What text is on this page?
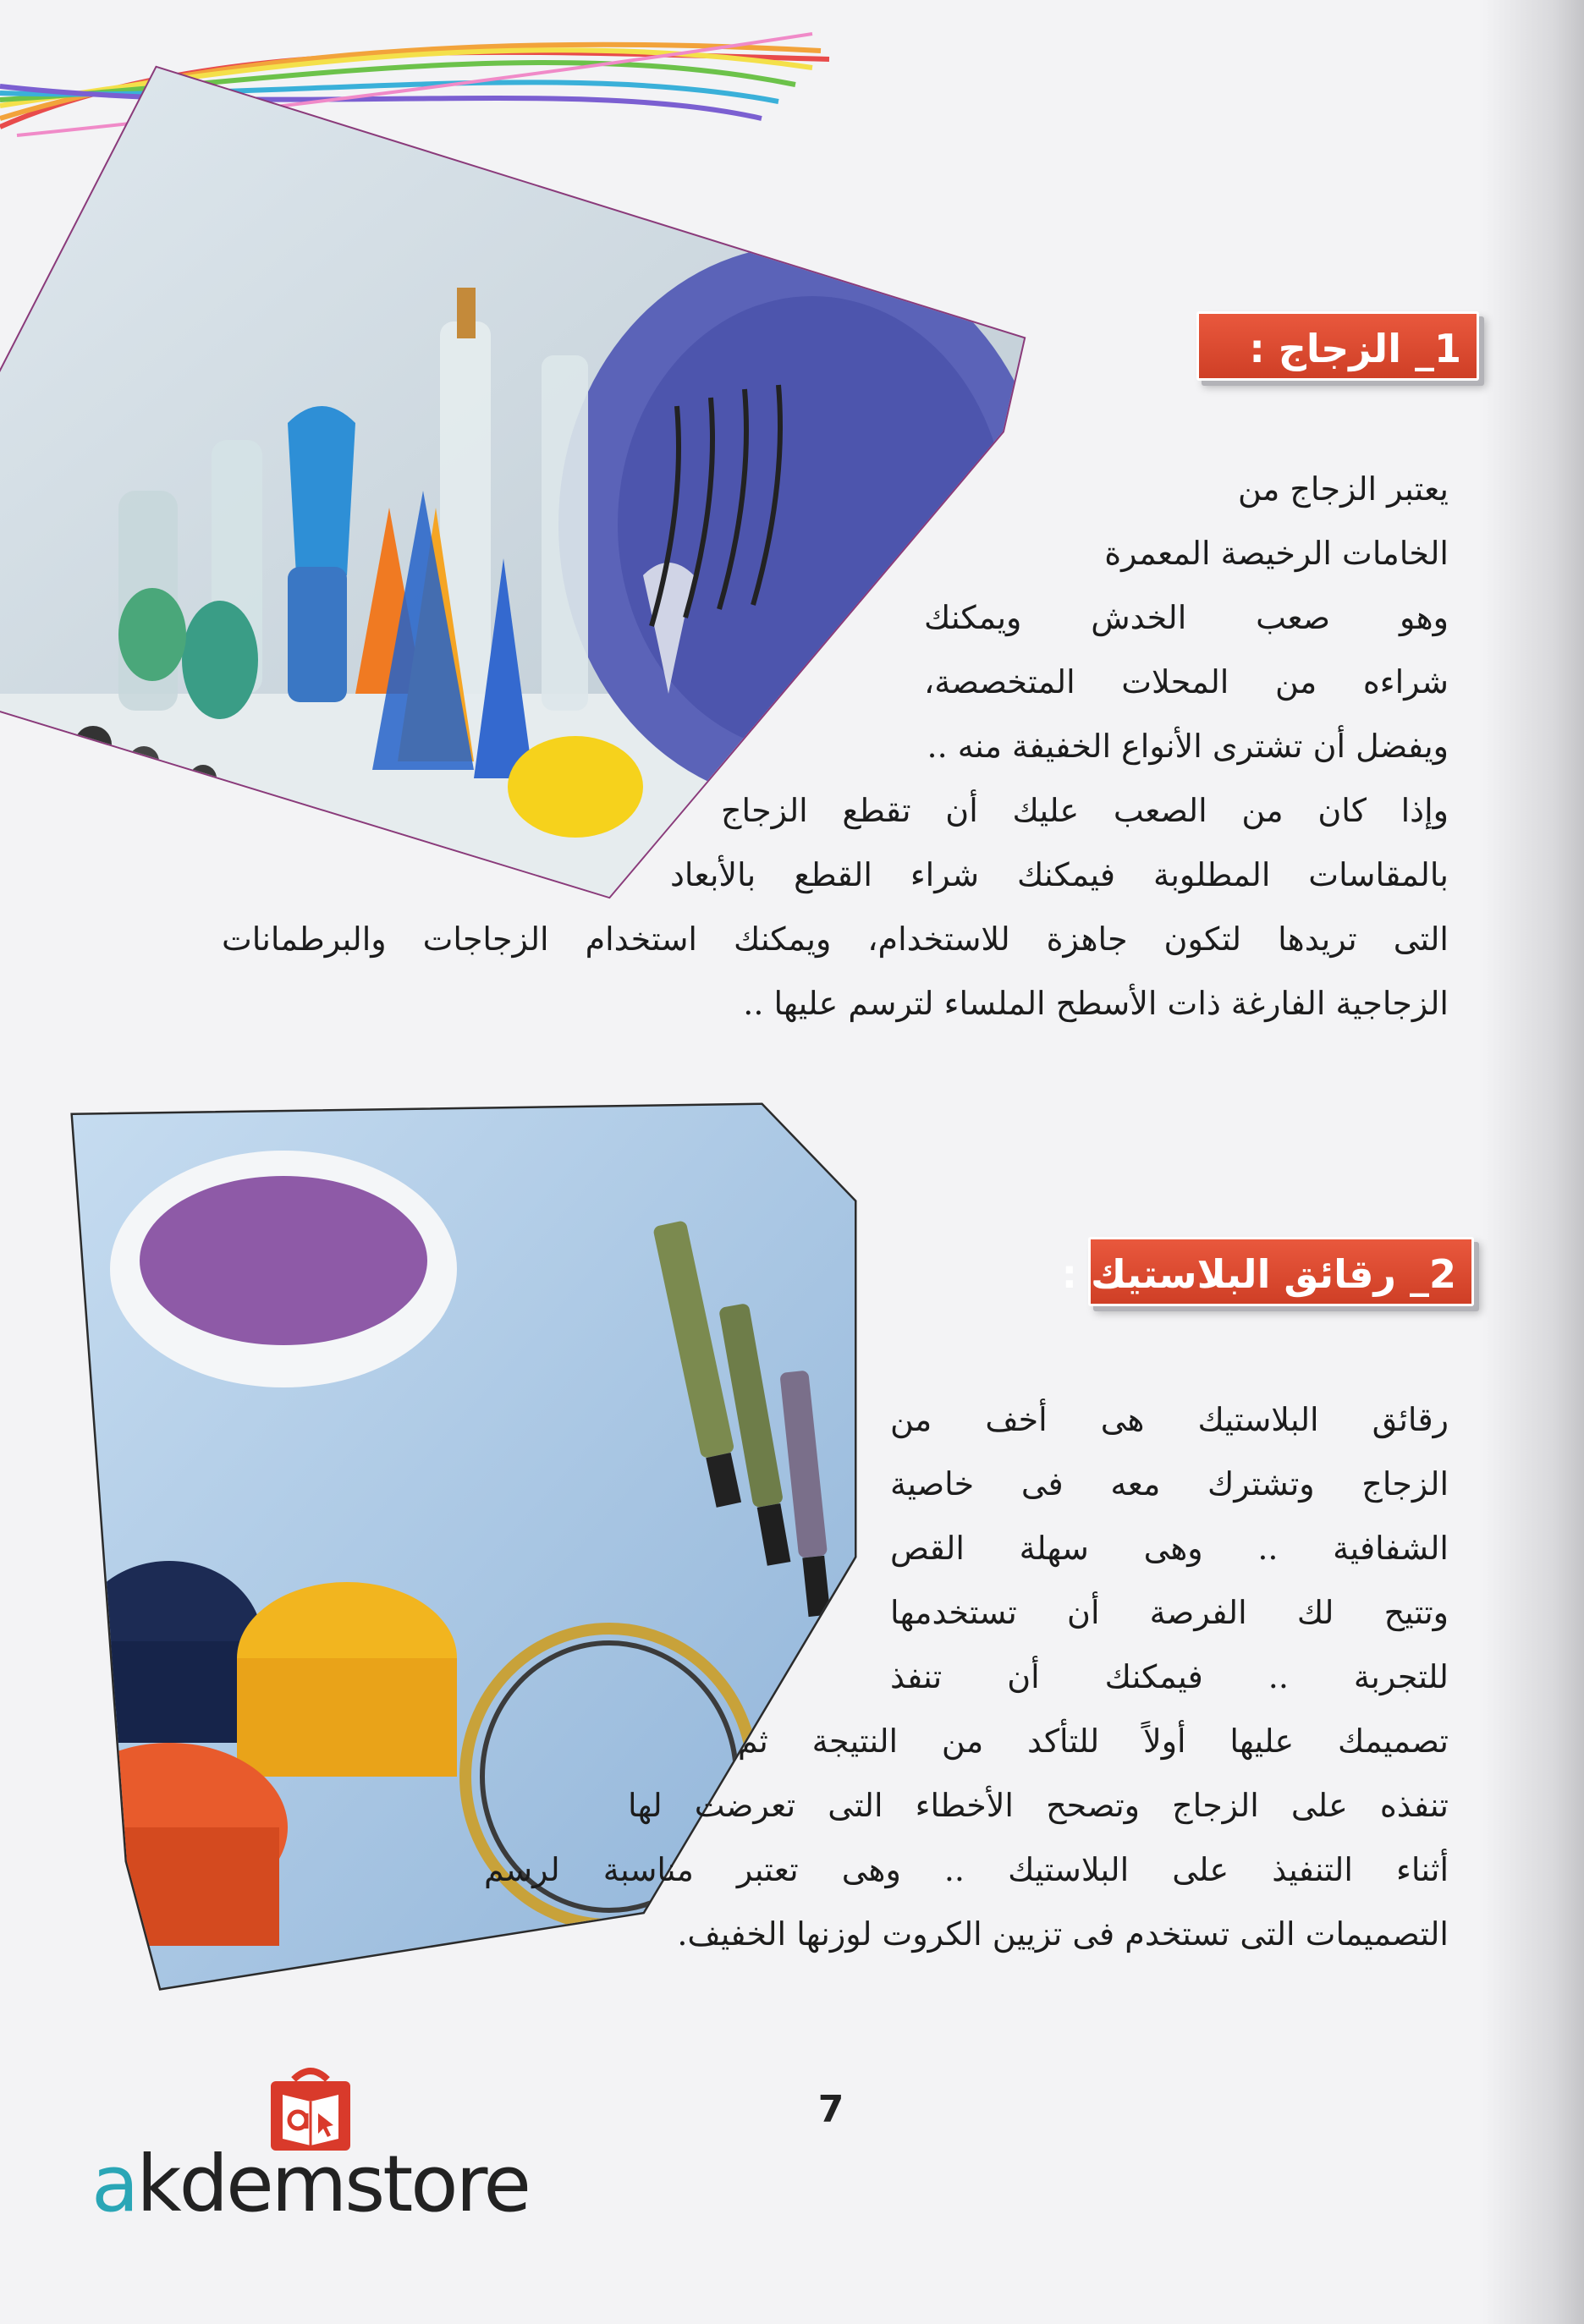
1_ الزجاج :
يعتبر الزجاج من
الخامات الرخيصة المعمرة
وهو صعب الخدش ويمكنك
شراءه من المحلات المتخصصة،
ويفضل أن تشترى الأنواع الخفيفة منه ..
وإذا كان من الصعب عليك أن تقطع الزجاج
بالمقاسات المطلوبة فيمكنك شراء القطع بالأبعاد
التى تريدها لتكون جاهزة للاستخدام، ويمكنك استخدام الزجاجات والبرطمانات
الزجاجية الفارغة ذات الأسطح الملساء لترسم عليها ..
2_ رقائق البلاستيك :
رقائق البلاستيك هى أخف من
الزجاج وتشترك معه فى خاصية
الشفافية .. وهى سهلة القص
وتتيح لك الفرصة أن تستخدمها
للتجربة .. فيمكنك أن تنفذ
تصميمك عليها أولاً للتأكد من النتيجة ثم
تنفذه على الزجاج وتصحح الأخطاء التى تعرضت لها
أثناء التنفيذ على البلاستيك .. وهى تعتبر مناسبة لرسم
التصميمات التى تستخدم فى تزيين الكروت لوزنها الخفيف.
7
akdemstore
